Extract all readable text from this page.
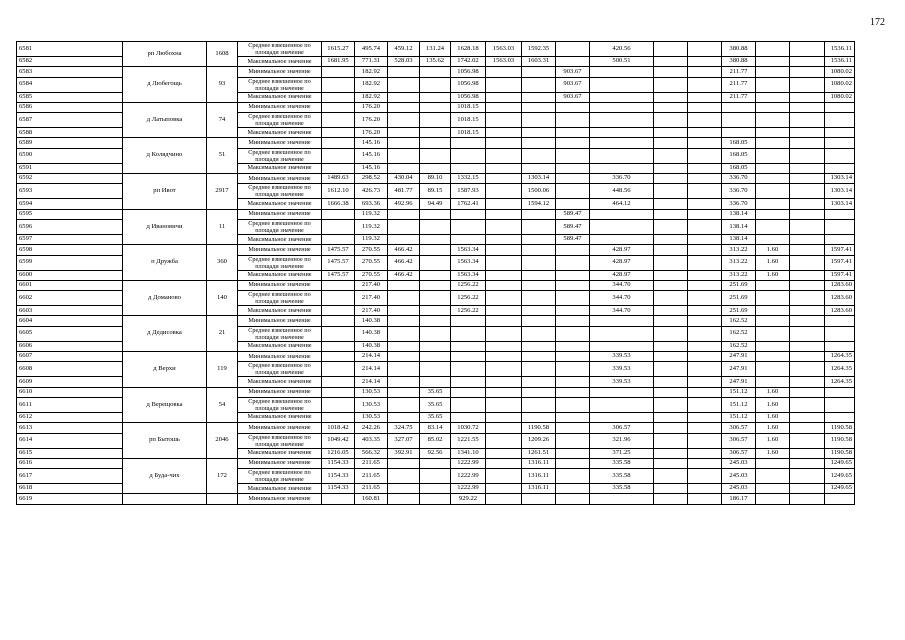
172
6581	рп Любохна	1608	Среднее взвешенное по площади значение	1615.27	495.74	459.12	131.24	1628.18	1563.03	1592.35		420.56			380.88			1536.11
6582			Максимальное значение	1681.95	771.31	528.03	135.62	1742.02	1563.03	1603.31		500.51			380.88			1536.11
6583	д Любегощь	93	Минимальное значение		182.92			1056.98			903.67				211.77			1080.02
6584			Среднее взвешенное по площади значение		182.92			1056.98			903.67				211.77			1080.02
6585			Максимальное значение		182.92			1056.98			903.67				211.77			1080.02
6586	д Латыповка	74	Минимальное значение		176.20			1018.15										
6587			Среднее взвешенное по площади значение		176.20			1018.15										
6588			Максимальное значение		176.20			1018.15										
6589	д Колядчино	51	Минимальное значение		145.16										168.05			
6590			Среднее взвешенное по площади значение		145.16										168.05			
6591			Максимальное значение		145.16										168.05			
6592	рп Ивот	2917	Минимальное значение	1489.63	298.52	430.04	89.10	1332.15		1303.14		336.70			336.70			1303.14
6593			Среднее взвешенное по площади значение	1612.10	426.73	481.77	89.15	1587.93		1500.06		448.56			336.70			1303.14
6594			Максимальное значение	1666.38	693.36	492.96	94.49	1762.41		1594.12		464.12			336.70			1303.14
6595	д Ивановичи	11	Минимальное значение		119.32						589.47				138.14			
6596			Среднее взвешенное по площади значение		119.32						589.47				138.14			
6597			Максимальное значение		119.32						589.47				138.14			
6598	п Дружба	360	Минимальное значение	1475.57	270.55	466.42		1563.34				428.97			313.22	1.60		1597.41
6599			Среднее взвешенное по площади значение	1475.57	270.55	466.42		1563.34				428.97			313.22	1.60		1597.41
6600			Максимальное значение	1475.57	270.55	466.42		1563.34				428.97			313.22	1.60		1597.41
6601	д Доманово	140	Минимальное значение		217.40			1256.22				344.70			251.69			1283.60
6602			Среднее взвешенное по площади значение		217.40			1256.22				344.70			251.69			1283.60
6603			Максимальное значение		217.40			1256.22				344.70			251.69			1283.60
6604	д Дедисовка	21	Минимальное значение		140.38										162.52			
6605			Среднее взвешенное по площади значение		140.38										162.52			
6606			Максимальное значение		140.38										162.52			
6607	д Верхи	119	Минимальное значение		214.14							339.53			247.91			1264.35
6608			Среднее взвешенное по площади значение		214.14							339.53			247.91			1264.35
6609			Максимальное значение		214.14							339.53			247.91			1264.35
6610	д Верещовка	54	Минимальное значение		130.53		35.65								151.12	1.60		
6611			Среднее взвешенное по площади значение		130.53		35.65								151.12	1.60		
6612			Максимальное значение		130.53		35.65								151.12	1.60		
6613	рп Бытошь	2046	Минимальное значение	1018.42	242.26	324.75	83.14	1030.72		1190.58		306.57			306.57	1.60		1190.58
6614			Среднее взвешенное по площади значение	1049.42	403.35	327.07	85.02	1221.55		1209.26		321.96			306.57	1.60		1190.58
6615			Максимальное значение	1216.05	566.32	392.91	92.56	1341.10		1261.51		371.25			306.57	1.60		1190.58
6616	д Буда-чих	172	Минимальное значение	1154.33	211.65			1222.99		1316.11		335.58			245.03			1249.65
6617			Среднее взвешенное по площади значение	1154.33	211.65			1222.99		1316.11		335.58			245.03			1249.65
6618			Максимальное значение	1154.33	211.65			1222.99		1316.11		335.58			245.03			1249.65
6619			Минимальное значение		160.81			929.22							186.17			
